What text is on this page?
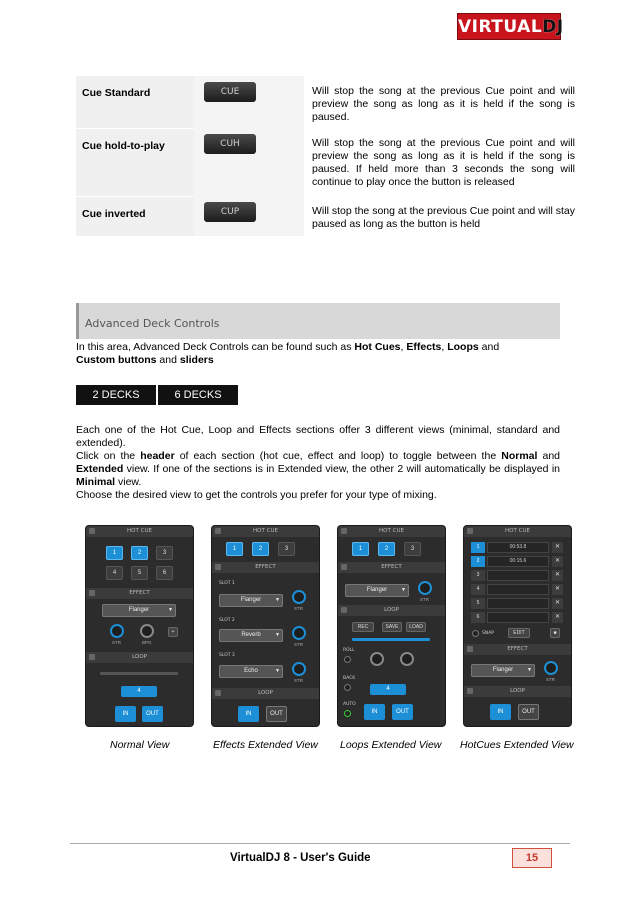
VIRTUALDJ
Cue Standard	CUE	Will stop the song at the previous Cue point and will preview the song as long as it is held if the song is paused.
Cue hold-to-play	CUH	Will stop the song at the previous Cue point and will preview the song as long as it is held if the song is paused. If held more than 3 seconds the song will continue to play once the button is released
Cue inverted	CUP	Will stop the song at the previous Cue point and will stay paused as long as the button is held
Advanced Deck Controls
In this area, Advanced Deck Controls can be found such as Hot Cues, Effects, Loops and
Custom buttons and sliders
2 DECKS	6 DECKS
Each one of the Hot Cue, Loop and Effects sections offer 3 different views (minimal, standard and extended).
Click on the header of each section (hot cue, effect and loop) to toggle between the Normal and Extended view. If one of the sections is in Extended view, the other 2 will automatically be displayed in Minimal view.
Choose the desired view to get the controls you prefer for your type of mixing.
HOT CUE
1	2	3
4	5	6
EFFECT
Flanger ▼
STR	BPG
+
LOOP
4
IN	OUT
HOT CUE
1	2	3
EFFECT
SLOT 1
Flanger ▼
STR
SLOT 2
Reverb ▼
STR
SLOT 3
Echo ▼
STR
LOOP
IN	OUT
HOT CUE
1	2	3
EFFECT
Flanger ▼
STR
LOOP
REC	SAVE	LOAD
ROLL
BACK
4
AUTO
IN	OUT
HOT CUE
1	00:53.8	✕
2	00:15.6	✕
3	✕
4	✕
5	✕
6	✕
SNAP	EDIT	■
EFFECT
Flanger ▼
STR
LOOP
IN	OUT
Normal View	Effects Extended View Loops Extended View HotCues Extended View
VirtualDJ 8 - User's Guide	15
